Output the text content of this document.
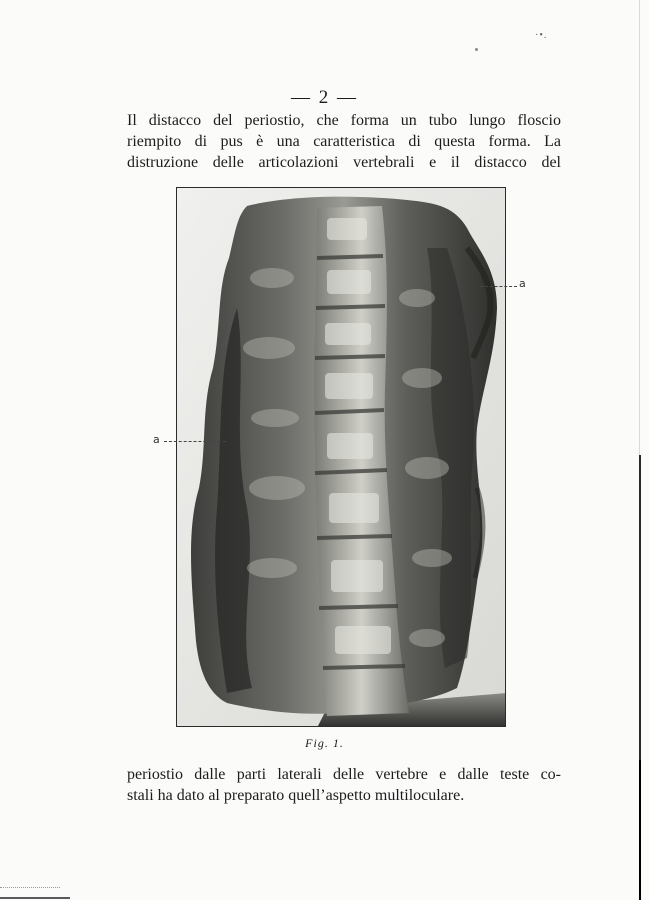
·•.
— 2 —
Il distacco del periostio, che forma un tubo lungo floscio
riempito di pus è una caratteristica di questa forma. La
distruzione delle articolazioni vertebrali e il distacco del
a
a
Fig. 1.
periostio dalle parti laterali delle vertebre e dalle teste co-
stali ha dato al preparato quell’aspetto multiloculare.
